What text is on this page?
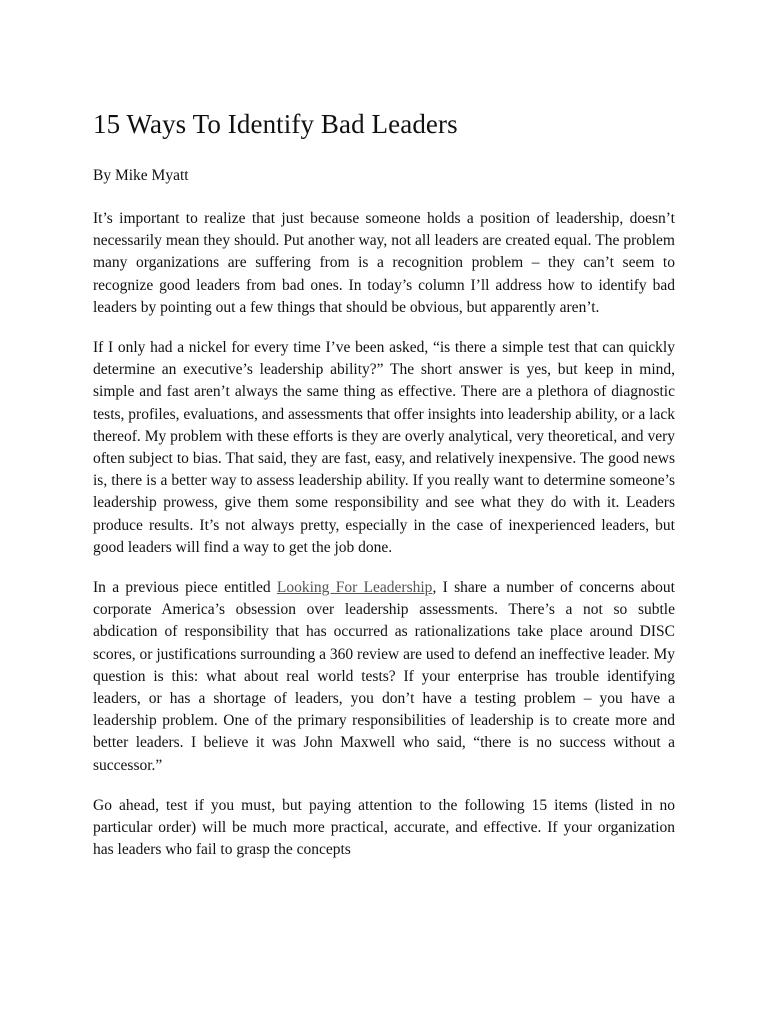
15 Ways To Identify Bad Leaders

By Mike Myatt

It’s important to realize that just because someone holds a position of leadership, doesn’t necessarily mean they should. Put another way, not all leaders are created equal. The problem many organizations are suffering from is a recognition problem – they can’t seem to recognize good leaders from bad ones. In today’s column I’ll address how to identify bad leaders by pointing out a few things that should be obvious, but apparently aren’t.

If I only had a nickel for every time I’ve been asked, “is there a simple test that can quickly determine an executive’s leadership ability?” The short answer is yes, but keep in mind, simple and fast aren’t always the same thing as effective. There are a plethora of diagnostic tests, profiles, evaluations, and assessments that offer insights into leadership ability, or a lack thereof. My problem with these efforts is they are overly analytical, very theoretical, and very often subject to bias. That said, they are fast, easy, and relatively inexpensive. The good news is, there is a better way to assess leadership ability. If you really want to determine someone’s leadership prowess, give them some responsibility and see what they do with it. Leaders produce results. It’s not always pretty, especially in the case of inexperienced leaders, but good leaders will find a way to get the job done.

In a previous piece entitled Looking For Leadership, I share a number of concerns about corporate America’s obsession over leadership assessments. There’s a not so subtle abdication of responsibility that has occurred as rationalizations take place around DISC scores, or justifications surrounding a 360 review are used to defend an ineffective leader. My question is this: what about real world tests? If your enterprise has trouble identifying leaders, or has a shortage of leaders, you don’t have a testing problem – you have a leadership problem. One of the primary responsibilities of leadership is to create more and better leaders. I believe it was John Maxwell who said, “there is no success without a successor.”

Go ahead, test if you must, but paying attention to the following 15 items (listed in no particular order) will be much more practical, accurate, and effective. If your organization has leaders who fail to grasp the concepts
